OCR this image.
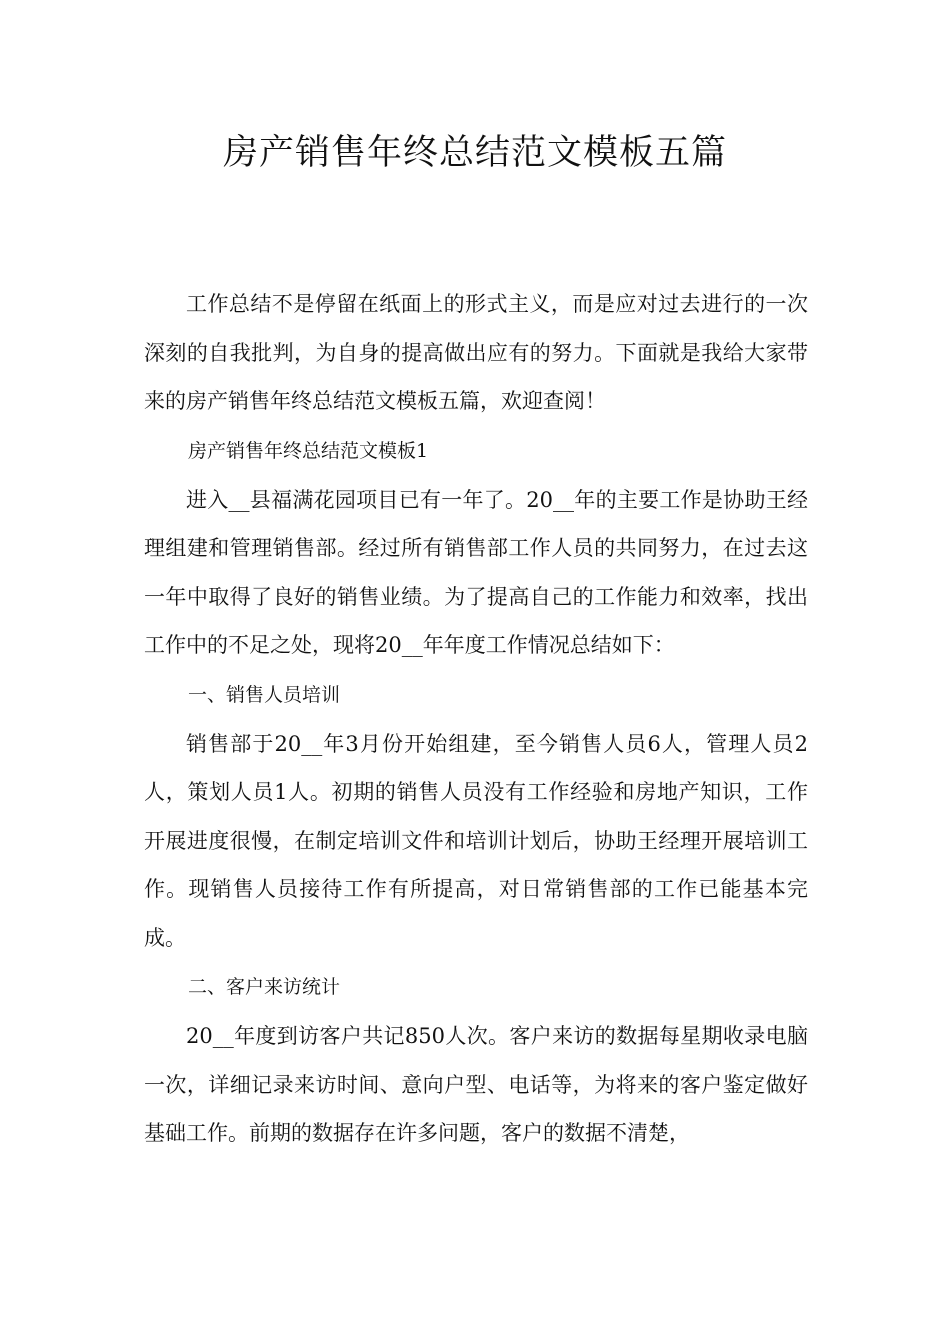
房产销售年终总结范文模板五篇

工作总结不是停留在纸面上的形式主义，而是应对过去进行的一次深刻的自我批判，为自身的提高做出应有的努力。下面就是我给大家带来的房产销售年终总结范文模板五篇，欢迎查阅！

房产销售年终总结范文模板1

进入__县福满花园项目已有一年了。20__年的主要工作是协助王经理组建和管理销售部。经过所有销售部工作人员的共同努力，在过去这一年中取得了良好的销售业绩。为了提高自己的工作能力和效率，找出工作中的不足之处，现将20__年年度工作情况总结如下：

一、销售人员培训

销售部于20__年3月份开始组建，至今销售人员6人，管理人员2人，策划人员1人。初期的销售人员没有工作经验和房地产知识，工作开展进度很慢，在制定培训文件和培训计划后，协助王经理开展培训工作。现销售人员接待工作有所提高，对日常销售部的工作已能基本完成。

二、客户来访统计

20__年度到访客户共记850人次。客户来访的数据每星期收录电脑一次，详细记录来访时间、意向户型、电话等，为将来的客户鉴定做好基础工作。前期的数据存在许多问题，客户的数据不清楚，
